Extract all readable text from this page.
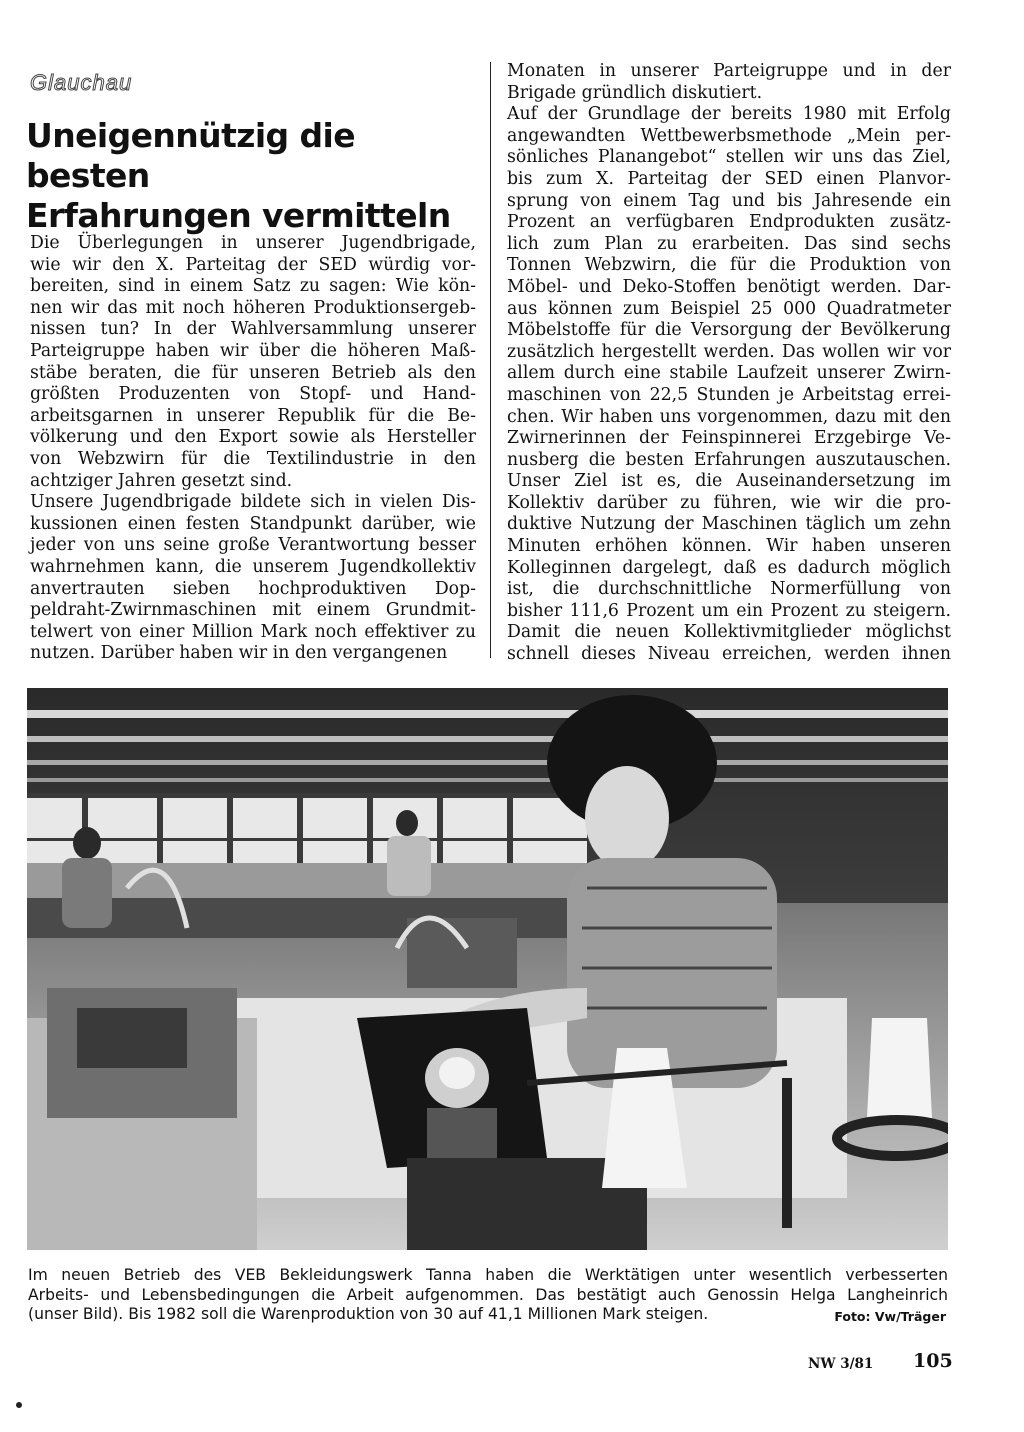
Glauchau
Uneigennützig die besten
Erfahrungen vermitteln
Die Überlegungen in unserer Jugendbrigade,
wie wir den X. Parteitag der SED würdig vor-
bereiten, sind in einem Satz zu sagen: Wie kön-
nen wir das mit noch höheren Produktionsergeb-
nissen tun? In der Wahlversammlung unserer
Parteigruppe haben wir über die höheren Maß-
stäbe beraten, die für unseren Betrieb als den
größten Produzenten von Stopf- und Hand-
arbeitsgarnen in unserer Republik für die Be-
völkerung und den Export sowie als Hersteller
von Webzwirn für die Textilindustrie in den
achtziger Jahren gesetzt sind.
Unsere Jugendbrigade bildete sich in vielen Dis-
kussionen einen festen Standpunkt darüber, wie
jeder von uns seine große Verantwortung besser
wahrnehmen kann, die unserem Jugendkollektiv
anvertrauten sieben hochproduktiven Dop-
peldraht-Zwirnmaschinen mit einem Grundmit-
telwert von einer Million Mark noch effektiver zu
nutzen. Darüber haben wir in den vergangenen
Monaten in unserer Parteigruppe und in der
Brigade gründlich diskutiert.
Auf der Grundlage der bereits 1980 mit Erfolg
angewandten Wettbewerbsmethode „Mein per-
sönliches Planangebot“ stellen wir uns das Ziel,
bis zum X. Parteitag der SED einen Planvor-
sprung von einem Tag und bis Jahresende ein
Prozent an verfügbaren Endprodukten zusätz-
lich zum Plan zu erarbeiten. Das sind sechs
Tonnen Webzwirn, die für die Produktion von
Möbel- und Deko-Stoffen benötigt werden. Dar-
aus können zum Beispiel 25 000 Quadratmeter
Möbelstoffe für die Versorgung der Bevölkerung
zusätzlich hergestellt werden. Das wollen wir vor
allem durch eine stabile Laufzeit unserer Zwirn-
maschinen von 22,5 Stunden je Arbeitstag errei-
chen. Wir haben uns vorgenommen, dazu mit den
Zwirnerinnen der Feinspinnerei Erzgebirge Ve-
nusberg die besten Erfahrungen auszutauschen.
Unser Ziel ist es, die Auseinandersetzung im
Kollektiv darüber zu führen, wie wir die pro-
duktive Nutzung der Maschinen täglich um zehn
Minuten erhöhen können. Wir haben unseren
Kolleginnen dargelegt, daß es dadurch möglich
ist, die durchschnittliche Normerfüllung von
bisher 111,6 Prozent um ein Prozent zu steigern.
Damit die neuen Kollektivmitglieder möglichst
schnell dieses Niveau erreichen, werden ihnen
Im neuen Betrieb des VEB Bekleidungswerk Tanna haben die Werktätigen unter wesentlich verbesserten
Arbeits- und Lebensbedingungen die Arbeit aufgenommen. Das bestätigt auch Genossin Helga Langheinrich
(unser Bild). Bis 1982 soll die Warenproduktion von 30 auf 41,1 Millionen Mark steigen.	Foto: Vw/Träger
NW 3/81 105
